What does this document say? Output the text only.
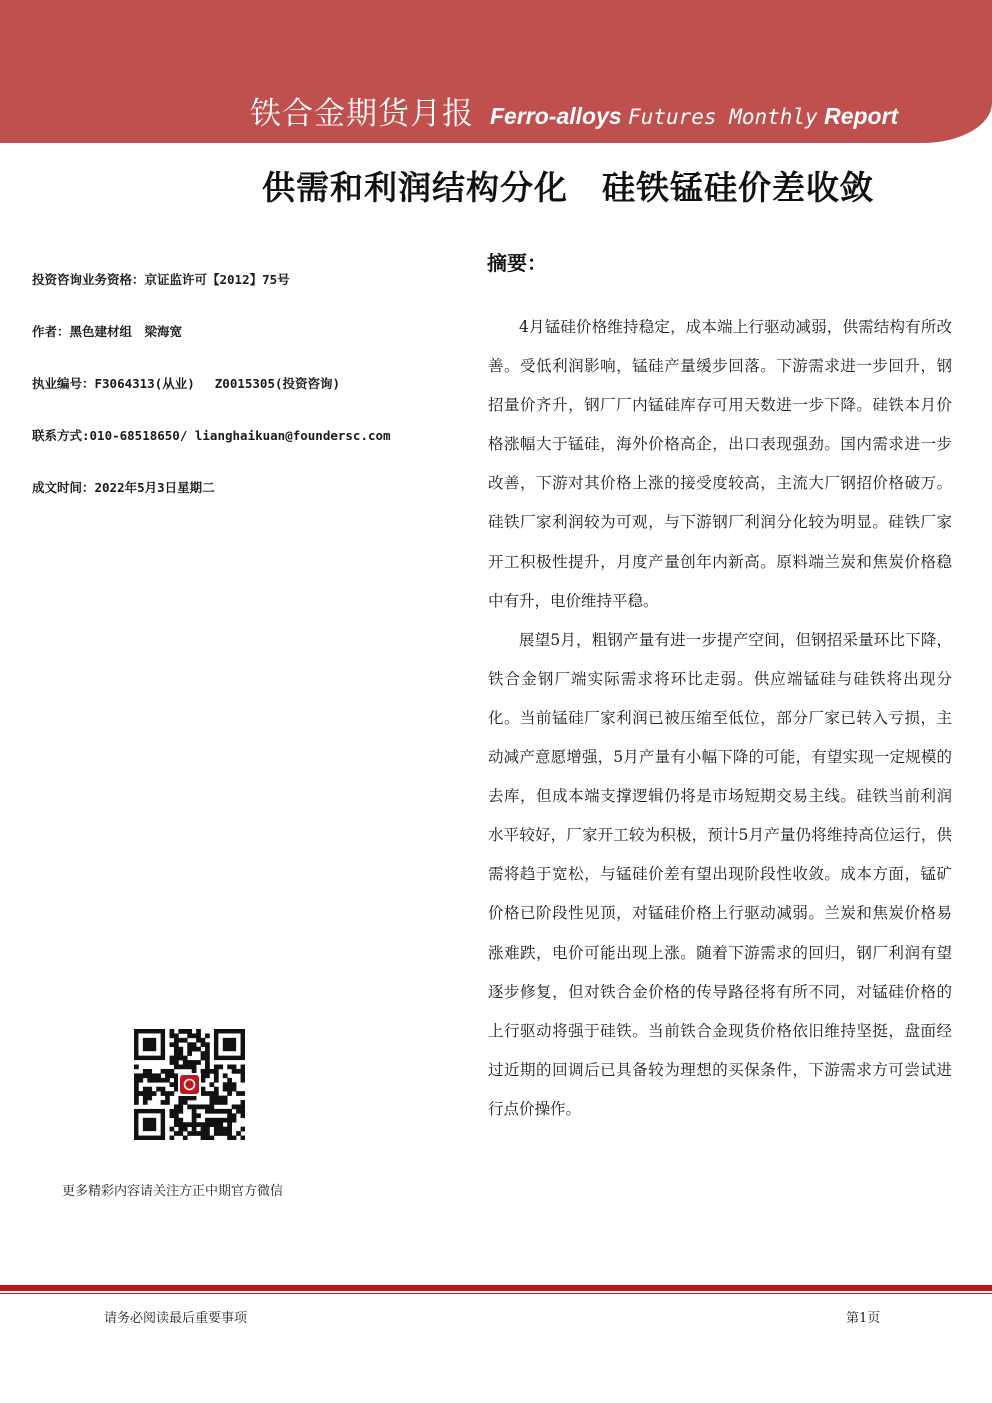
铁合金期货月报 Ferro-alloys Futures Monthly Report
供需和利润结构分化　硅铁锰硅价差收敛
投资咨询业务资格：京证监许可【2012】75号
作者：黑色建材组　梁海宽
执业编号：F3064313(从业)　 Z0015305(投资咨询)
联系方式:010-68518650/ lianghaikuan@foundersc.com
成文时间：2022年5月3日星期二
摘要：

4月锰硅价格维持稳定，成本端上行驱动减弱，供需结构有所改善。受低利润影响，锰硅产量缓步回落。下游需求进一步回升，钢招量价齐升，钢厂厂内锰硅库存可用天数进一步下降。硅铁本月价格涨幅大于锰硅，海外价格高企，出口表现强劲。国内需求进一步改善，下游对其价格上涨的接受度较高，主流大厂钢招价格破万。硅铁厂家利润较为可观，与下游钢厂利润分化较为明显。硅铁厂家开工积极性提升，月度产量创年内新高。原料端兰炭和焦炭价格稳中有升，电价维持平稳。

展望5月，粗钢产量有进一步提产空间，但钢招采量环比下降，铁合金钢厂端实际需求将环比走弱。供应端锰硅与硅铁将出现分化。当前锰硅厂家利润已被压缩至低位，部分厂家已转入亏损，主动减产意愿增强，5月产量有小幅下降的可能，有望实现一定规模的去库，但成本端支撑逻辑仍将是市场短期交易主线。硅铁当前利润水平较好，厂家开工较为积极，预计5月产量仍将维持高位运行，供需将趋于宽松，与锰硅价差有望出现阶段性收敛。成本方面，锰矿价格已阶段性见顶，对锰硅价格上行驱动减弱。兰炭和焦炭价格易涨难跌，电价可能出现上涨。随着下游需求的回归，钢厂利润有望逐步修复，但对铁合金价格的传导路径将有所不同，对锰硅价格的上行驱动将强于硅铁。当前铁合金现货价格依旧维持坚挺，盘面经过近期的回调后已具备较为理想的买保条件，下游需求方可尝试进行点价操作。

更多精彩内容请关注方正中期官方微信
请务必阅读最后重要事项	第1页
